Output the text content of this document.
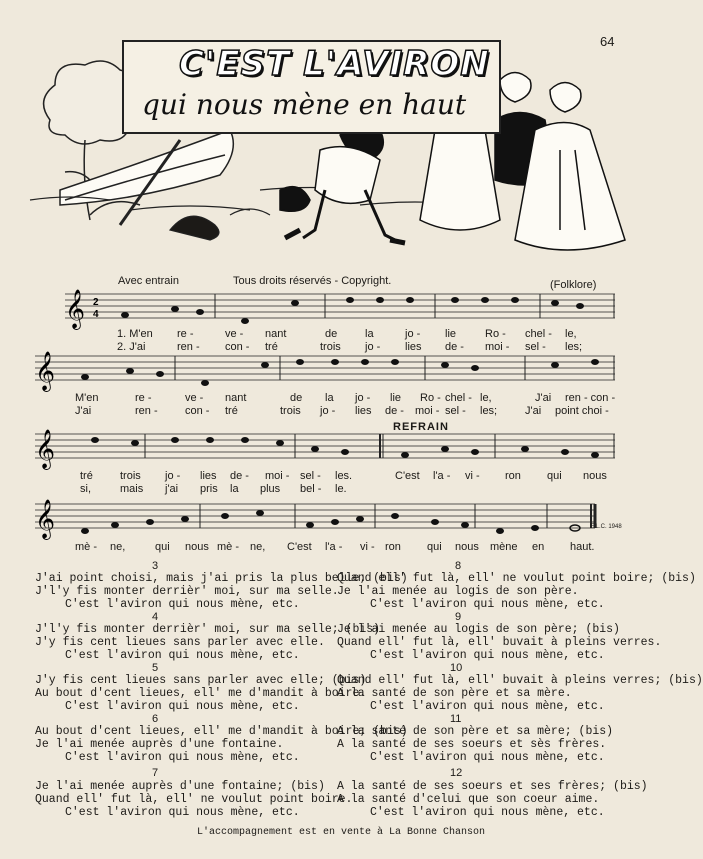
64
C'EST L'AVIRON
qui nous mène en haut
Avec entrain	Tous droits réservés - Copyright.	(Folklore)
𝄞 2
4
1. M'en re -	ve - nant	de	la	jo - lie	Ro - chel - le,
2. J'ai	ren - con - tré	trois jo - lies de - moi - sel - les;
𝄞
M'en	re -	ve - nant	de la jo - lie Ro - chel - le,	J'ai ren - con -
J'ai	ren - con - tré	trois jo - lies de - moi - sel - les;	J'ai point choi -
REFRAIN
𝄞
tré trois jo - lies de - moi - sel - les.	C'est l'a - vi - ron qui nous
si,	mais j'ai pris la plus bel - le.
𝄞	E.L.C. 1948
mè - ne,	qui nous mè - ne, C'est l'a - vi - ron qui nous mène en haut.
3
J'ai point choisi, mais j'ai pris la plus belle; (bis)
J'l'y fis monter derrièr' moi, sur ma selle.
C'est l'aviron qui nous mène, etc.
4
J'l'y fis monter derrièr' moi, sur ma selle; (bis)
J'y fis cent lieues sans parler avec elle.
C'est l'aviron qui nous mène, etc.
5
J'y fis cent lieues sans parler avec elle; (bis)
Au bout d'cent lieues, ell' me d'mandit à boire.
C'est l'aviron qui nous mène, etc.
6
Au bout d'cent lieues, ell' me d'mandit à boire; (bis)
Je l'ai menée auprès d'une fontaine.
C'est l'aviron qui nous mène, etc.
7
Je l'ai menée auprès d'une fontaine; (bis)
Quand ell' fut là, ell' ne voulut point boire.
C'est l'aviron qui nous mène, etc.
8
Quand ell' fut là, ell' ne voulut point boire; (bis)
Je l'ai menée au logis de son père.
C'est l'aviron qui nous mène, etc.
9
Je l'ai menée au logis de son père; (bis)
Quand ell' fut là, ell' buvait à pleins verres.
C'est l'aviron qui nous mène, etc.
10
Quand ell' fut là, ell' buvait à pleins verres; (bis)
A la santé de son père et sa mère.
C'est l'aviron qui nous mène, etc.
11
A la santé de son père et sa mère; (bis)
A la santé de ses soeurs et sès frères.
C'est l'aviron qui nous mène, etc.
12
A la santé de ses soeurs et ses frères; (bis)
A la santé d'celui que son coeur aime.
C'est l'aviron qui nous mène, etc.
L'accompagnement est en vente à La Bonne Chanson
